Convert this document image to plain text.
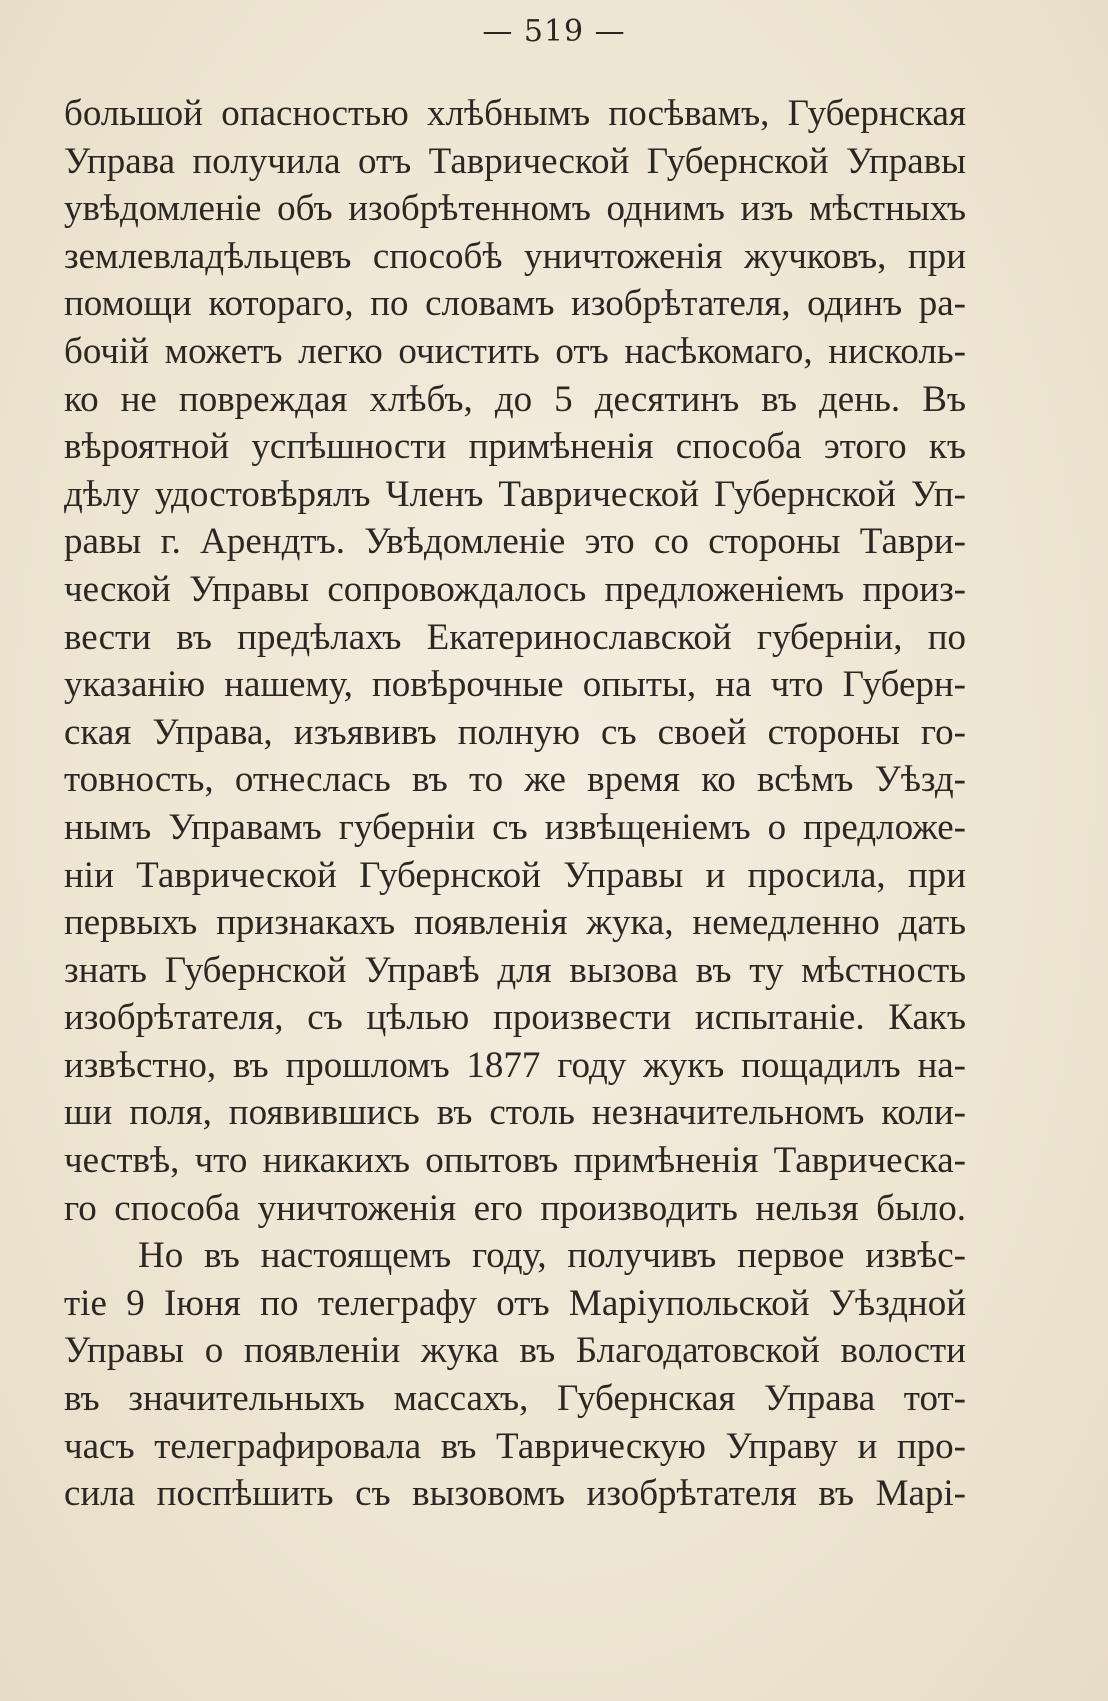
— 519 —
большой опасностью хлѣбнымъ посѣвамъ, Губернская
Управа получила отъ Таврической Губернской Управы
увѣдомленіе объ изобрѣтенномъ однимъ изъ мѣстныхъ
землевладѣльцевъ способѣ уничтоженія жучковъ, при
помощи котораго, по словамъ изобрѣтателя, одинъ ра-
бочій можетъ легко очистить отъ насѣкомаго, нисколь-
ко не повреждая хлѣбъ, до 5 десятинъ въ день. Въ
вѣроятной успѣшности примѣненія способа этого къ
дѣлу удостовѣрялъ Членъ Таврической Губернской Уп-
равы г. Арендтъ. Увѣдомленіе это со стороны Таври-
ческой Управы сопровождалось предложеніемъ произ-
вести въ предѣлахъ Екатеринославской губерніи, по
указанію нашему, повѣрочные опыты, на что Губерн-
ская Управа, изъявивъ полную съ своей стороны го-
товность, отнеслась въ то же время ко всѣмъ Уѣзд-
нымъ Управамъ губерніи съ извѣщеніемъ о предложе-
ніи Таврической Губернской Управы и просила, при
первыхъ признакахъ появленія жука, немедленно дать
знать Губернской Управѣ для вызова въ ту мѣстность
изобрѣтателя, съ цѣлью произвести испытаніе. Какъ
извѣстно, въ прошломъ 1877 году жукъ пощадилъ на-
ши поля, появившись въ столь незначительномъ коли-
чествѣ, что никакихъ опытовъ примѣненія Таврическа-
го способа уничтоженія его производить нельзя было.
Но въ настоящемъ году, получивъ первое извѣс-
тіе 9 Іюня по телеграфу отъ Маріупольской Уѣздной
Управы о появленіи жука въ Благодатовской волости
въ значительныхъ массахъ, Губернская Управа тот-
часъ телеграфировала въ Таврическую Управу и про-
сила поспѣшить съ вызовомъ изобрѣтателя въ Марі-
